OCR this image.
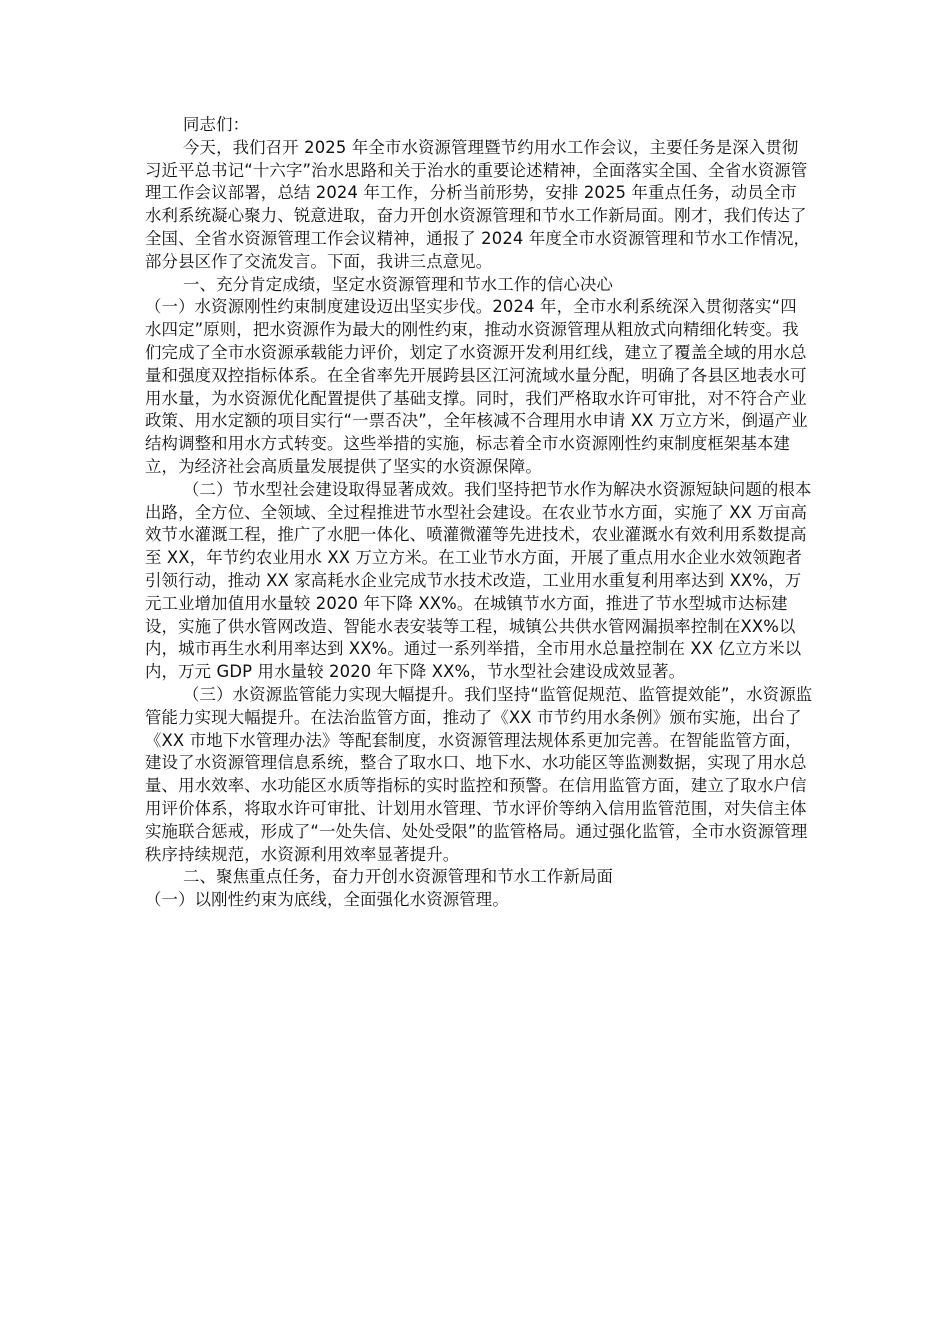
同志们：

今天，我们召开 2025 年全市水资源管理暨节约用水工作会议，主要任务是深入贯彻习近平总书记“十六字”治水思路和关于治水的重要论述精神，全面落实全国、全省水资源管理工作会议部署，总结 2024 年工作，分析当前形势，安排 2025 年重点任务，动员全市水利系统凝心聚力、锐意进取，奋力开创水资源管理和节水工作新局面。刚才，我们传达了全国、全省水资源管理工作会议精神，通报了 2024 年度全市水资源管理和节水工作情况，部分县区作了交流发言。下面，我讲三点意见。

一、充分肯定成绩，坚定水资源管理和节水工作的信心决心

（一）水资源刚性约束制度建设迈出坚实步伐。2024 年，全市水利系统深入贯彻落实“四水四定”原则，把水资源作为最大的刚性约束，推动水资源管理从粗放式向精细化转变。我们完成了全市水资源承载能力评价，划定了水资源开发利用红线，建立了覆盖全域的用水总量和强度双控指标体系。在全省率先开展跨县区江河流域水量分配，明确了各县区地表水可用水量，为水资源优化配置提供了基础支撑。同时，我们严格取水许可审批，对不符合产业政策、用水定额的项目实行“一票否决”，全年核减不合理用水申请 XX 万立方米，倒逼产业结构调整和用水方式转变。这些举措的实施，标志着全市水资源刚性约束制度框架基本建立，为经济社会高质量发展提供了坚实的水资源保障。

（二）节水型社会建设取得显著成效。我们坚持把节水作为解决水资源短缺问题的根本出路，全方位、全领域、全过程推进节水型社会建设。在农业节水方面，实施了 XX 万亩高效节水灌溉工程，推广了水肥一体化、喷灌微灌等先进技术，农业灌溉水有效利用系数提高至 XX，年节约农业用水 XX 万立方米。在工业节水方面，开展了重点用水企业水效领跑者引领行动，推动 XX 家高耗水企业完成节水技术改造，工业用水重复利用率达到 XX%，万元工业增加值用水量较 2020 年下降 XX%。在城镇节水方面，推进了节水型城市达标建设，实施了供水管网改造、智能水表安装等工程，城镇公共供水管网漏损率控制在XX%以内，城市再生水利用率达到 XX%。通过一系列举措，全市用水总量控制在 XX 亿立方米以内，万元 GDP 用水量较 2020 年下降 XX%，节水型社会建设成效显著。

（三）水资源监管能力实现大幅提升。我们坚持“监管促规范、监管提效能”，水资源监管能力实现大幅提升。在法治监管方面，推动了《XX 市节约用水条例》颁布实施，出台了《XX 市地下水管理办法》等配套制度，水资源管理法规体系更加完善。在智能监管方面，建设了水资源管理信息系统，整合了取水口、地下水、水功能区等监测数据，实现了用水总量、用水效率、水功能区水质等指标的实时监控和预警。在信用监管方面，建立了取水户信用评价体系，将取水许可审批、计划用水管理、节水评价等纳入信用监管范围，对失信主体实施联合惩戒，形成了“一处失信、处处受限”的监管格局。通过强化监管，全市水资源管理秩序持续规范，水资源利用效率显著提升。

二、聚焦重点任务，奋力开创水资源管理和节水工作新局面

（一）以刚性约束为底线，全面强化水资源管理。
